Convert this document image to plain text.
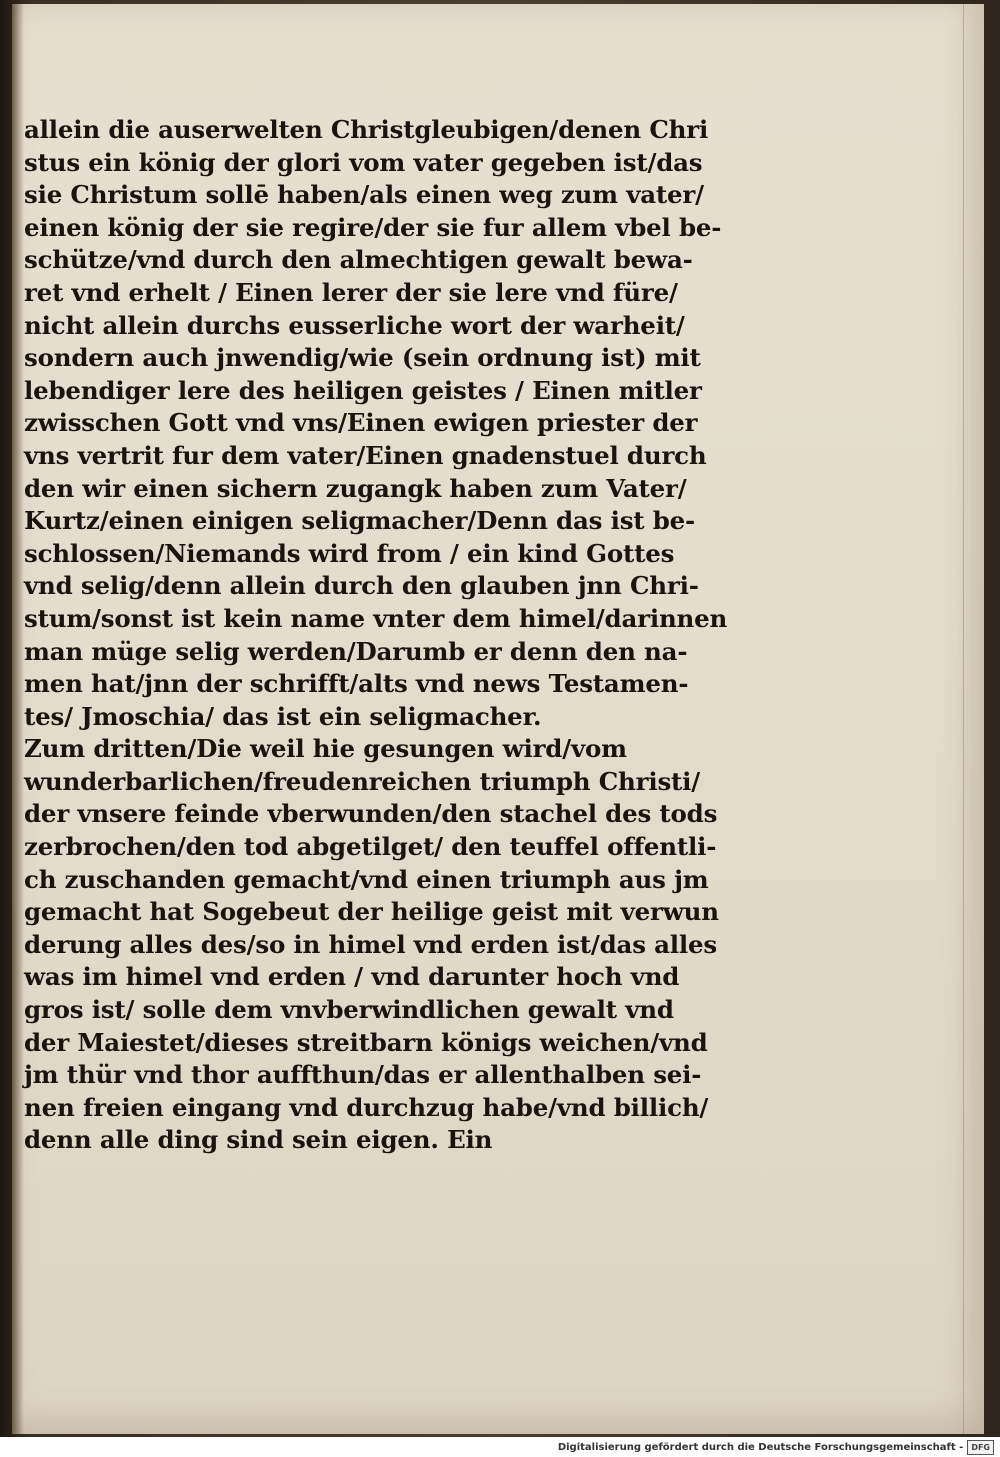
allein die auserwelten Christgleubigen/denen Chri
stus ein könig der glori vom vater gegeben ist/das
sie Christum sollē haben/als einen weg zum vater/
einen könig der sie regire/der sie fur allem vbel be-
schütze/vnd durch den almechtigen gewalt bewa-
ret vnd erhelt / Einen lerer der sie lere vnd füre/
nicht allein durchs eusserliche wort der warheit/
sondern auch jnwendig/wie (sein ordnung ist) mit
lebendiger lere des heiligen geistes / Einen mitler
zwisschen Gott vnd vns/Einen ewigen priester der
vns vertrit fur dem vater/Einen gnadenstuel durch
den wir einen sichern zugangk haben zum Vater/
Kurtz/einen einigen seligmacher/Denn das ist be-
schlossen/Niemands wird from / ein kind Gottes
vnd selig/denn allein durch den glauben jnn Chri-
stum/sonst ist kein name vnter dem himel/darinnen
man müge selig werden/Darumb er denn den na-
men hat/jnn der schrifft/alts vnd news Testamen-
tes/ Jmoschia/ das ist ein seligmacher.
Zum dritten/Die weil hie gesungen wird/vom
wunderbarlichen/freudenreichen triumph Christi/
der vnsere feinde vberwunden/den stachel des tods
zerbrochen/den tod abgetilget/ den teuffel offentli-
ch zuschanden gemacht/vnd einen triumph aus jm
gemacht hat Sogebeut der heilige geist mit verwun
derung alles des/so in himel vnd erden ist/das alles
was im himel vnd erden / vnd darunter hoch vnd
gros ist/ solle dem vnvberwindlichen gewalt vnd
der Maiestet/dieses streitbarn königs weichen/vnd
jm thür vnd thor auffthun/das er allenthalben sei-
nen freien eingang vnd durchzug habe/vnd billich/
denn alle ding sind sein eigen. Ein
Digitalisierung gefördert durch die Deutsche Forschungsgemeinschaft -	DFG
